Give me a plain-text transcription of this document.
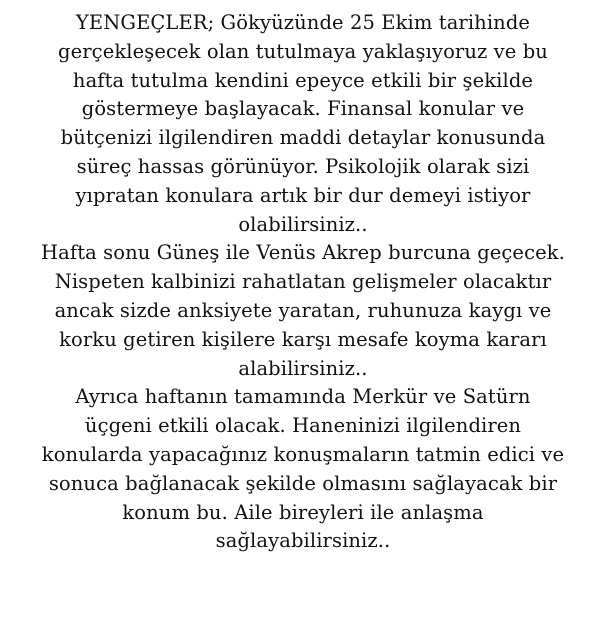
YENGEÇLER; Gökyüzünde 25 Ekim tarihinde
gerçekleşecek olan tutulmaya yaklaşıyoruz ve bu
hafta tutulma kendini epeyce etkili bir şekilde
göstermeye başlayacak. Finansal konular ve
bütçenizi ilgilendiren maddi detaylar konusunda
süreç hassas görünüyor. Psikolojik olarak sizi
yıpratan konulara artık bir dur demeyi istiyor
olabilirsiniz..
Hafta sonu Güneş ile Venüs Akrep burcuna geçecek.
Nispeten kalbinizi rahatlatan gelişmeler olacaktır
ancak sizde anksiyete yaratan, ruhunuza kaygı ve
korku getiren kişilere karşı mesafe koyma kararı
alabilirsiniz..
Ayrıca haftanın tamamında Merkür ve Satürn
üçgeni etkili olacak. Haneninizi ilgilendiren
konularda yapacağınız konuşmaların tatmin edici ve
sonuca bağlanacak şekilde olmasını sağlayacak bir
konum bu. Aile bireyleri ile anlaşma
sağlayabilirsiniz..
